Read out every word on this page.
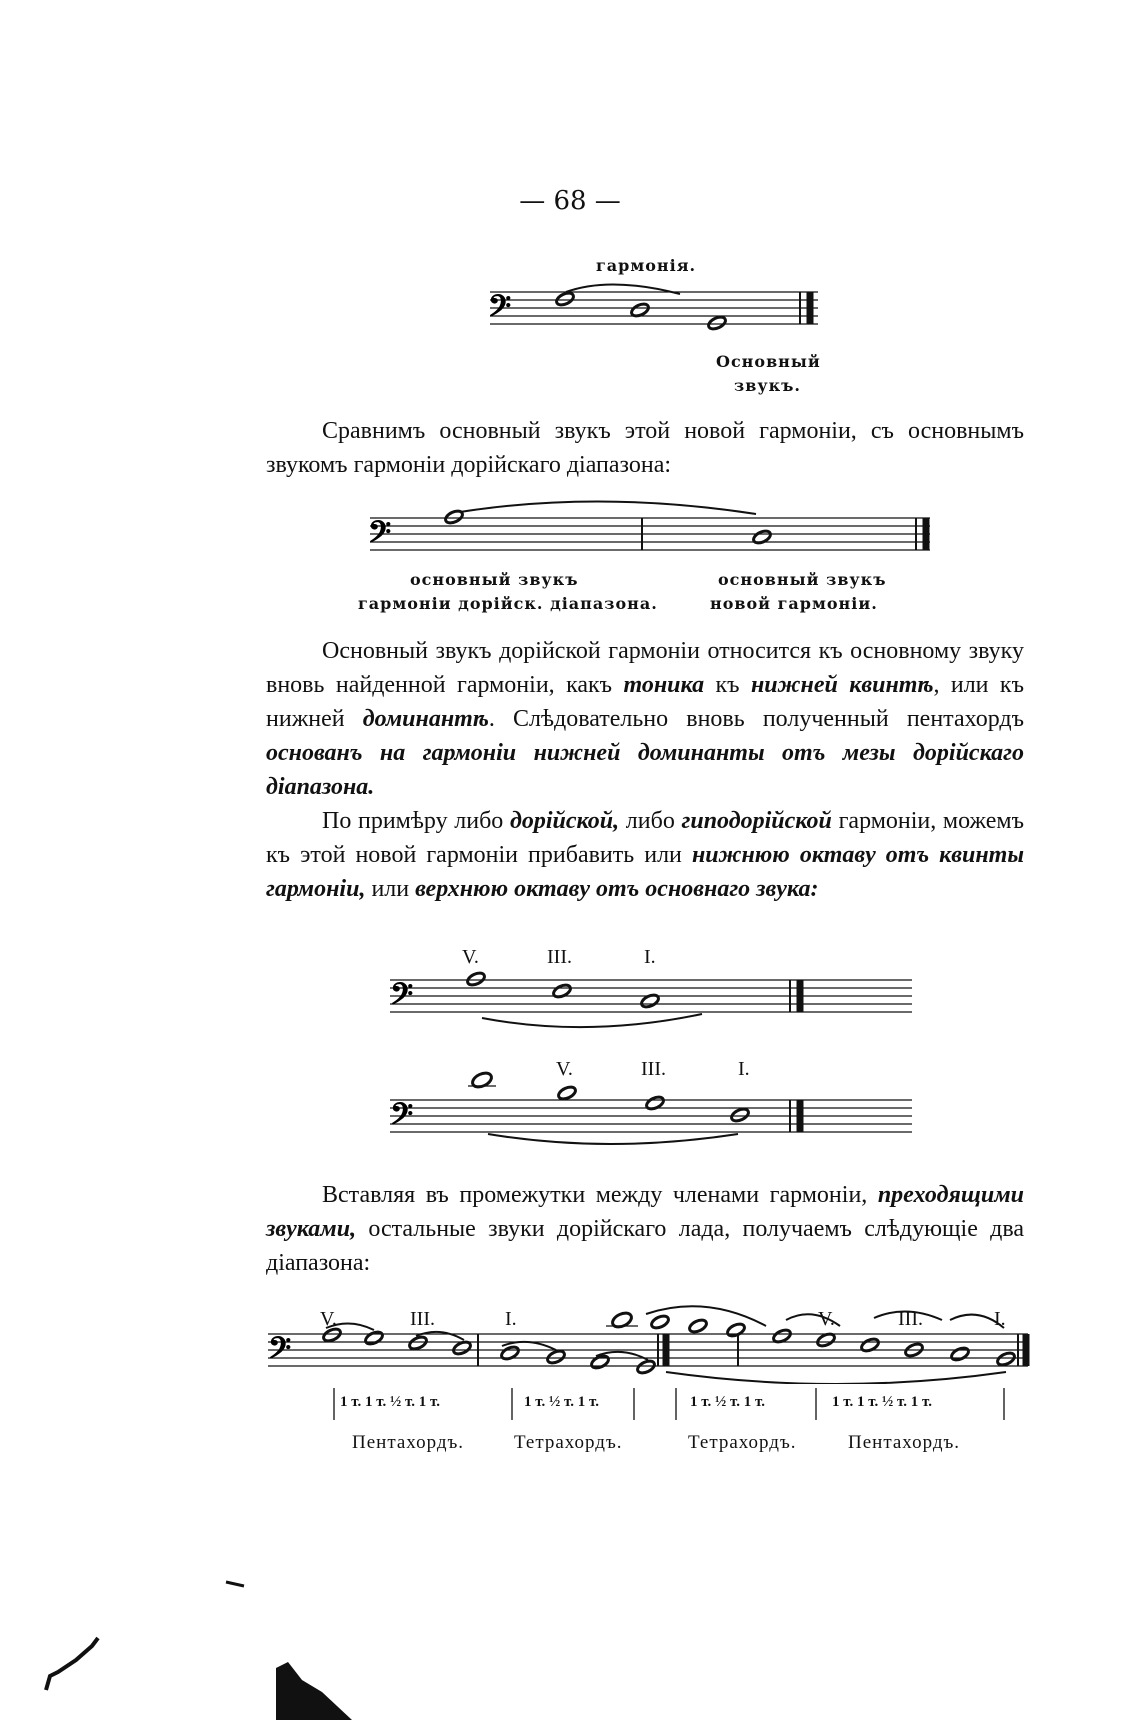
— 68 —
гармонія.
𝄢
Основный
звукъ.
Сравнимъ основный звукъ этой новой гармоніи, съ основнымъ звукомъ гармоніи дорійскаго діапазона:
𝄢
основный звукъ
гармоніи дорійск. діапазона.
основный звукъ
новой гармоніи.
Основный звукъ дорійской гармоніи относится къ основному звуку вновь найденной гармоніи, какъ тоника къ нижней квинтѣ, или къ нижней доминантѣ. Слѣдовательно вновь полученный пентахордъ основанъ на гармоніи нижней доминанты отъ мезы дорійскаго діапазона.
По примѣру либо дорійской, либо гиподорійской гармоніи, можемъ къ этой новой гармоніи прибавить или нижнюю октаву отъ квинты гармоніи, или верхнюю октаву отъ основнаго звука:
V.	III.	I.
𝄢
V.	III.	I.
𝄢
Вставляя въ промежутки между членами гармоніи, преходящими звуками, остальные звуки дорійскаго лада, получаемъ слѣдующіе два діапазона:
V.	III.	I.	V.	III.	I.
𝄢
1 т. 1 т. ½ т. 1 т.	1 т. ½ т. 1 т.	1 т. ½ т. 1 т.	1 т. 1 т. ½ т. 1 т.
Пентахордъ.	Тетрахордъ.	Тетрахордъ.	Пентахордъ.
